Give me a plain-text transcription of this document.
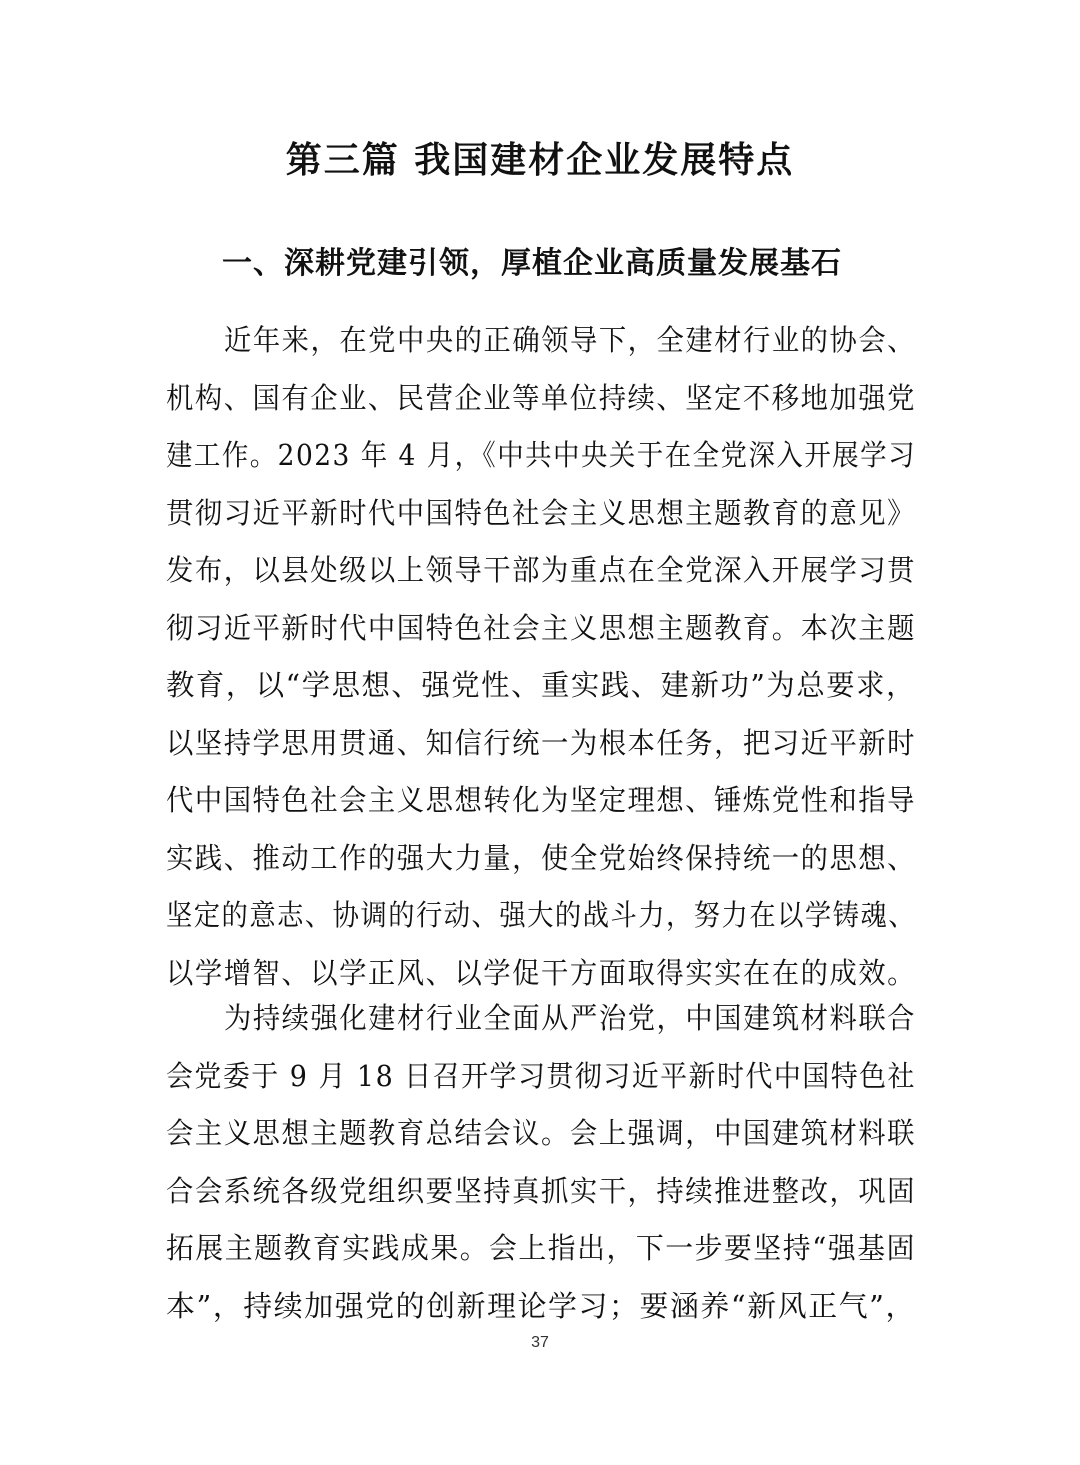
第三篇 我国建材企业发展特点
一、深耕党建引领，厚植企业高质量发展基石
近年来，在党中央的正确领导下，全建材行业的协会、
机构、国有企业、民营企业等单位持续、坚定不移地加强党
建工作。2023 年 4 月，《中共中央关于在全党深入开展学习
贯彻习近平新时代中国特色社会主义思想主题教育的意见》
发布，以县处级以上领导干部为重点在全党深入开展学习贯
彻习近平新时代中国特色社会主义思想主题教育。本次主题
教育，以“学思想、强党性、重实践、建新功”为总要求，
以坚持学思用贯通、知信行统一为根本任务，把习近平新时
代中国特色社会主义思想转化为坚定理想、锤炼党性和指导
实践、推动工作的强大力量，使全党始终保持统一的思想、
坚定的意志、协调的行动、强大的战斗力，努力在以学铸魂、
以学增智、以学正风、以学促干方面取得实实在在的成效。
为持续强化建材行业全面从严治党，中国建筑材料联合
会党委于 9 月 18 日召开学习贯彻习近平新时代中国特色社
会主义思想主题教育总结会议。会上强调，中国建筑材料联
合会系统各级党组织要坚持真抓实干，持续推进整改，巩固
拓展主题教育实践成果。会上指出，下一步要坚持“强基固
本”，持续加强党的创新理论学习；要涵养“新风正气”，
37
